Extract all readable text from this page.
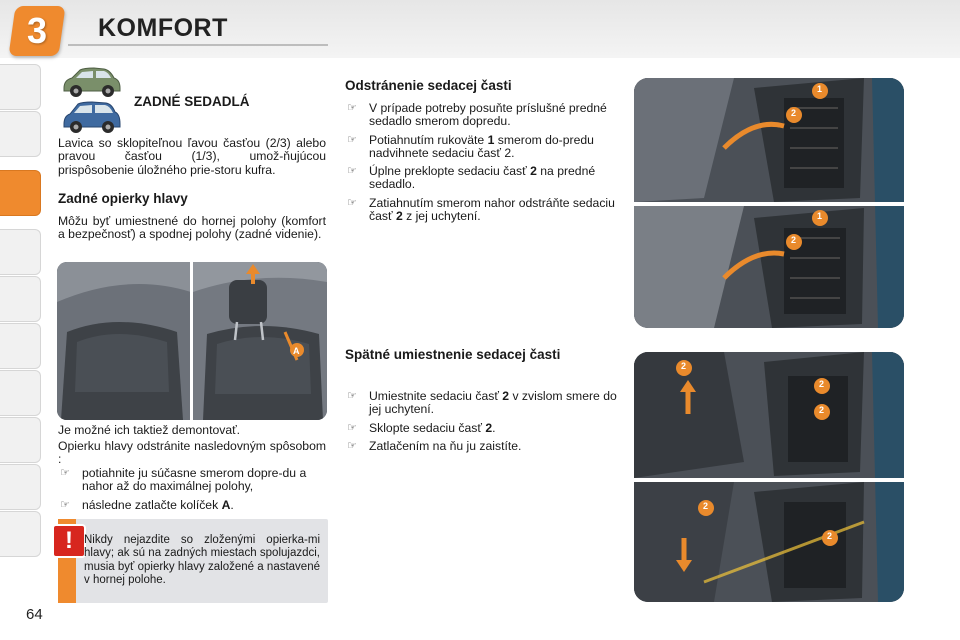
3	KOMFORT
ZADNÉ SEDADLÁ
Lavica so sklopiteľnou ľavou časťou (2/3) alebo pravou časťou (1/3), umož-ňujúcou prispôsobenie úložného prie-storu kufra.
Zadné opierky hlavy
Môžu byť umiestnené do hornej polohy (komfort a bezpečnosť) a spodnej polohy (zadné videnie).
A
Je možné ich taktiež demontovať.
Opierku hlavy odstránite nasledovným spôsobom :
☞ potiahnite ju súčasne smerom dopre-du a nahor až do maximálnej polohy,
☞ následne zatlačte kolíček A.
! Nikdy nejazdite so zloženými opierka-mi hlavy; ak sú na zadných miestach spolujazdci, musia byť opierky hlavy založené a nastavené v hornej polohe.
Odstránenie sedacej časti
☞ V prípade potreby posuňte príslušné predné sedadlo smerom dopredu.
☞ Potiahnutím rukoväte 1 smerom do-predu nadvihnete sedaciu časť 2.
☞ Úplne preklopte sedaciu časť 2 na predné sedadlo.
☞ Zatiahnutím smerom nahor odstráňte sedaciu časť 2 z jej uchytení.
Spätné umiestnenie sedacej časti
☞ Umiestnite sedaciu časť 2 v zvislom smere do jej uchytení.
☞ Sklopte sedaciu časť 2.
☞ Zatlačením na ňu ju zaistíte.
1
2
1
2
2
2
2
2
2
64
